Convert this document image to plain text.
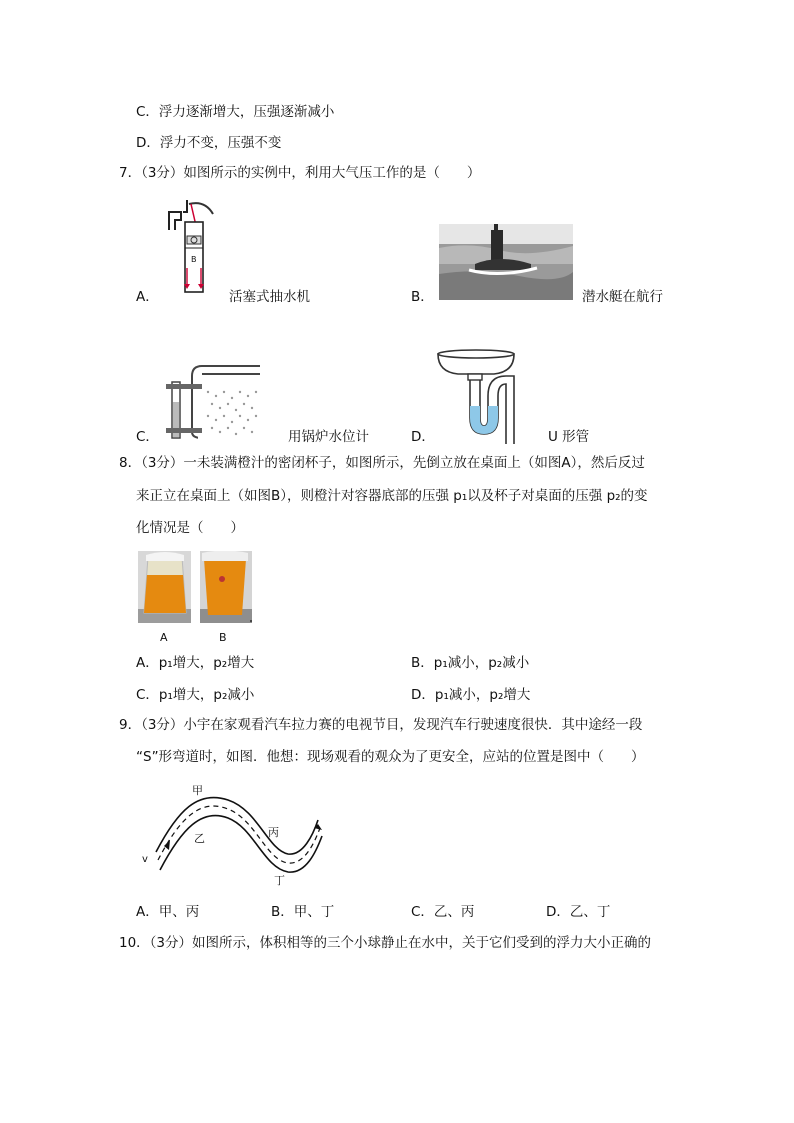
C．浮力逐渐增大，压强逐渐减小
D．浮力不变，压强不变
7．（3分）如图所示的实例中，利用大气压工作的是（　　）
B
A．	活塞式抽水机	B．	潜水艇在航行
C．	用锅炉水位计	D．	U 形管
8．（3分）一未装满橙汁的密闭杯子，如图所示，先倒立放在桌面上（如图A），然后反过
来正立在桌面上（如图B），则橙汁对容器底部的压强 p₁以及杯子对桌面的压强 p₂的变
化情况是（　　）
A	B
A．p₁增大，p₂增大	B．p₁减小，p₂减小
C．p₁增大，p₂减小	D．p₁减小，p₂增大
9．（3分）小宇在家观看汽车拉力赛的电视节目，发现汽车行驶速度很快．其中途经一段
“S”形弯道时，如图．他想：现场观看的观众为了更安全，应站的位置是图中（　　）
甲
乙	丙
丁
v
A．甲、丙	B．甲、丁	C．乙、丙	D．乙、丁
10．（3分）如图所示，体积相等的三个小球静止在水中，关于它们受到的浮力大小正确的
